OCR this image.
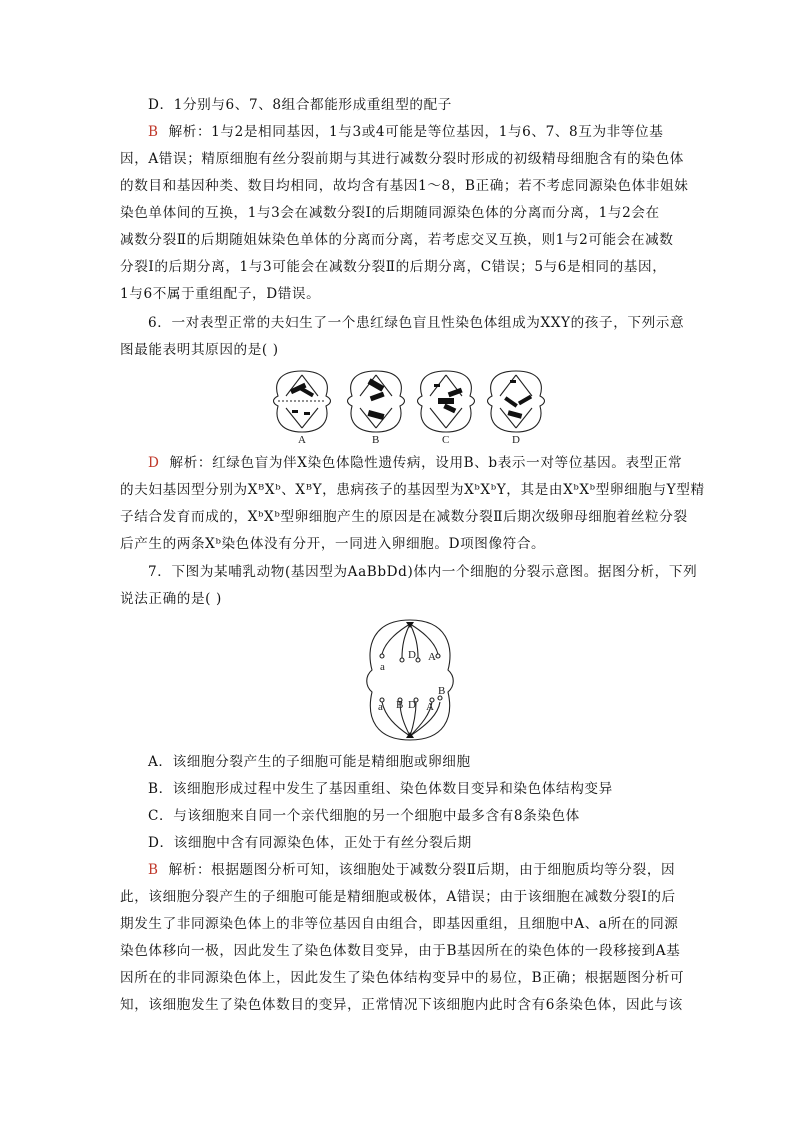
D．1分别与6、7、8组合都能形成重组型的配子
B 解析：1与2是相同基因，1与3或4可能是等位基因，1与6、7、8互为非等位基
因，A错误；精原细胞有丝分裂前期与其进行减数分裂时形成的初级精母细胞含有的染色体
的数目和基因种类、数目均相同，故均含有基因1～8，B正确；若不考虑同源染色体非姐妹
染色单体间的互换，1与3会在减数分裂Ⅰ的后期随同源染色体的分离而分离，1与2会在
减数分裂Ⅱ的后期随姐妹染色单体的分离而分离，若考虑交叉互换，则1与2可能会在减数
分裂Ⅰ的后期分离，1与3可能会在减数分裂Ⅱ的后期分离，C错误；5与6是相同的基因，
1与6不属于重组配子，D错误。
6．一对表型正常的夫妇生了一个患红绿色盲且性染色体组成为XXY的孩子，下列示意
图最能表明其原因的是( )
A	B	C	D
D 解析：红绿色盲为伴X染色体隐性遗传病，设用B、b表示一对等位基因。表型正常
的夫妇基因型分别为XᴮXᵇ、XᴮY，患病孩子的基因型为XᵇXᵇY，其是由XᵇXᵇ型卵细胞与Y型精
子结合发育而成的，XᵇXᵇ型卵细胞产生的原因是在减数分裂Ⅱ后期次级卵母细胞着丝粒分裂
后产生的两条Xᵇ染色体没有分开，一同进入卵细胞。D项图像符合。
7．下图为某哺乳动物(基因型为AaBbDd)体内一个细胞的分裂示意图。据图分析，下列
说法正确的是( )
a
D A
a B D A
B
A．该细胞分裂产生的子细胞可能是精细胞或卵细胞
B．该细胞形成过程中发生了基因重组、染色体数目变异和染色体结构变异
C．与该细胞来自同一个亲代细胞的另一个细胞中最多含有8条染色体
D．该细胞中含有同源染色体，正处于有丝分裂后期
B 解析：根据题图分析可知，该细胞处于减数分裂Ⅱ后期，由于细胞质均等分裂，因
此，该细胞分裂产生的子细胞可能是精细胞或极体，A错误；由于该细胞在减数分裂Ⅰ的后
期发生了非同源染色体上的非等位基因自由组合，即基因重组，且细胞中A、a所在的同源
染色体移向一极，因此发生了染色体数目变异，由于B基因所在的染色体的一段移接到A基
因所在的非同源染色体上，因此发生了染色体结构变异中的易位，B正确；根据题图分析可
知，该细胞发生了染色体数目的变异，正常情况下该细胞内此时含有6条染色体，因此与该
